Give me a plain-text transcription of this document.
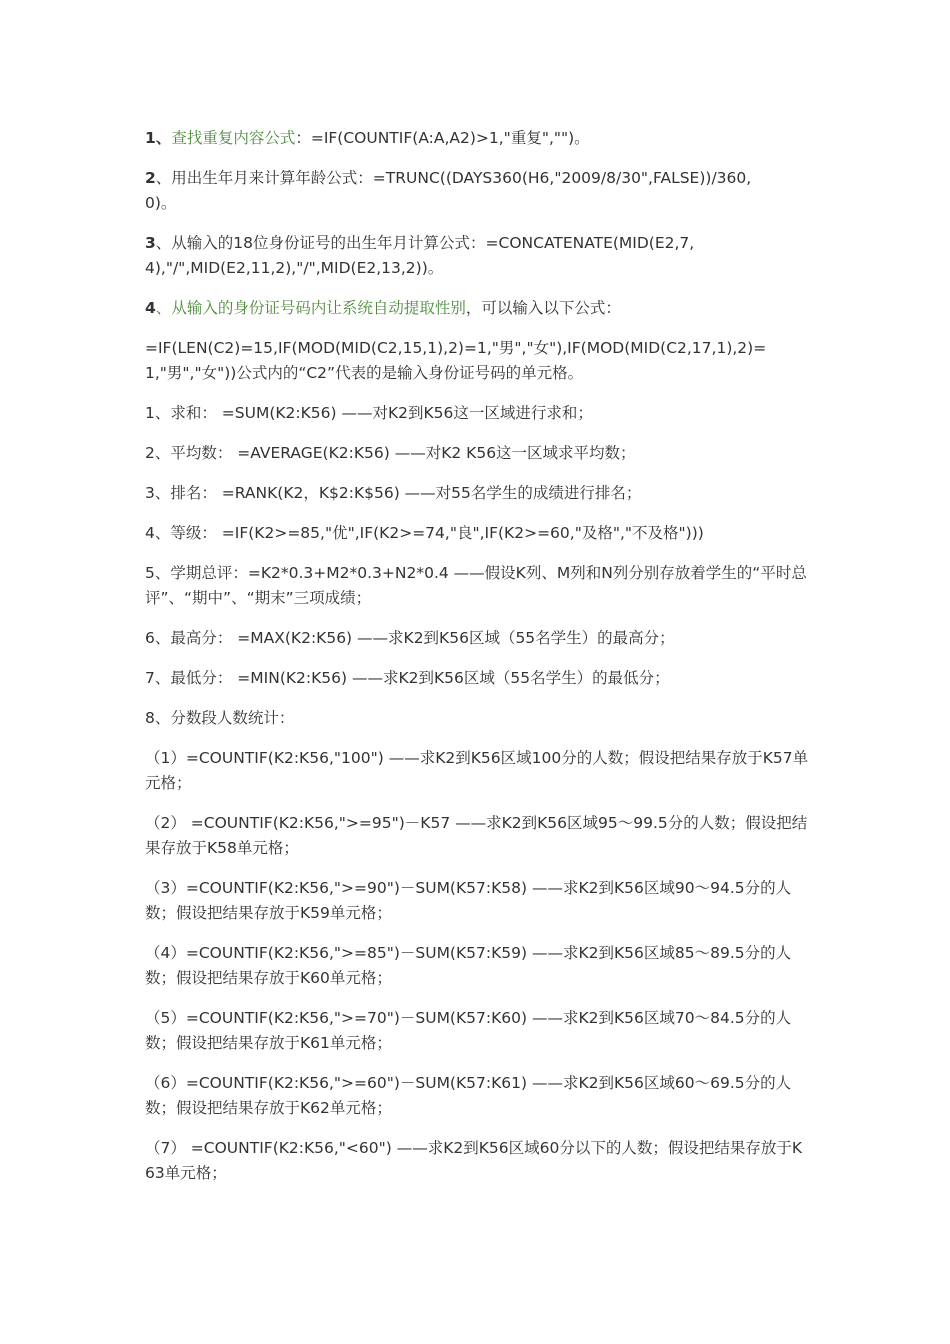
1、查找重复内容公式：=IF(COUNTIF(A:A,A2)>1,"重复","")。

2、用出生年月来计算年龄公式：=TRUNC((DAYS360(H6,"2009/8/30",FALSE))/360,0)。

3、从输入的18位身份证号的出生年月计算公式：=CONCATENATE(MID(E2,7,4),"/",MID(E2,11,2),"/",MID(E2,13,2))。

4、从输入的身份证号码内让系统自动提取性别，可以输入以下公式：

=IF(LEN(C2)=15,IF(MOD(MID(C2,15,1),2)=1,"男","女"),IF(MOD(MID(C2,17,1),2)=1,"男","女"))公式内的“C2”代表的是输入身份证号码的单元格。

1、求和： =SUM(K2:K56) ——对K2到K56这一区域进行求和；

2、平均数： =AVERAGE(K2:K56) ——对K2 K56这一区域求平均数；

3、排名： =RANK(K2，K$2:K$56) ——对55名学生的成绩进行排名；

4、等级： =IF(K2>=85,"优",IF(K2>=74,"良",IF(K2>=60,"及格","不及格")))

5、学期总评：=K2*0.3+M2*0.3+N2*0.4 ——假设K列、M列和N列分别存放着学生的“平时总评”、“期中”、“期末”三项成绩；

6、最高分： =MAX(K2:K56) ——求K2到K56区域（55名学生）的最高分；

7、最低分： =MIN(K2:K56) ——求K2到K56区域（55名学生）的最低分；

8、分数段人数统计：

（1）=COUNTIF(K2:K56,"100") ——求K2到K56区域100分的人数；假设把结果存放于K57单元格；

（2） =COUNTIF(K2:K56,">=95")－K57 ——求K2到K56区域95～99.5分的人数；假设把结果存放于K58单元格；

（3）=COUNTIF(K2:K56,">=90")－SUM(K57:K58) ——求K2到K56区域90～94.5分的人数；假设把结果存放于K59单元格；

（4）=COUNTIF(K2:K56,">=85")－SUM(K57:K59) ——求K2到K56区域85～89.5分的人数；假设把结果存放于K60单元格；

（5）=COUNTIF(K2:K56,">=70")－SUM(K57:K60) ——求K2到K56区域70～84.5分的人数；假设把结果存放于K61单元格；

（6）=COUNTIF(K2:K56,">=60")－SUM(K57:K61) ——求K2到K56区域60～69.5分的人数；假设把结果存放于K62单元格；

（7） =COUNTIF(K2:K56,"<60") ——求K2到K56区域60分以下的人数；假设把结果存放于K63单元格；
